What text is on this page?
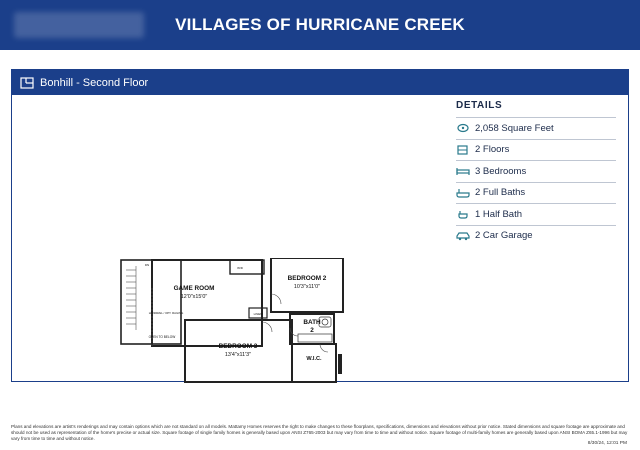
VILLAGES OF HURRICANE CREEK
Bonhill - Second Floor
DETAILS
2,058 Square Feet
2 Floors
3 Bedrooms
2 Full Baths
1 Half Bath
2 Car Garage
GAME ROOM
12'0"x15'0"
BEDROOM 2
10'3"x11'0"
BATH
2
BEDROOM 3
13'4"x11'3"
W.I.C.
OPEN TO BELOW
LINEN
W/D
HANDRAIL / OPT. RAILING
DN
Plans and elevations are artist's renderings and may contain options which are not standard on all models. Mattamy Homes reserves the right to make changes to these floorplans, specifications, dimensions and elevations without prior notice. Stated dimensions and square footage are approximate and should not be used as representation of the home's precise or actual size. Square footage of single family homes is generally based upon ANSI Z765-2003 but may vary from time to time and without notice. Square footage of multi-family homes are generally based upon ANSI BOMA Z65.1-1996 but may vary from time to time and without notice.
8/30/24, 12:01 PM
